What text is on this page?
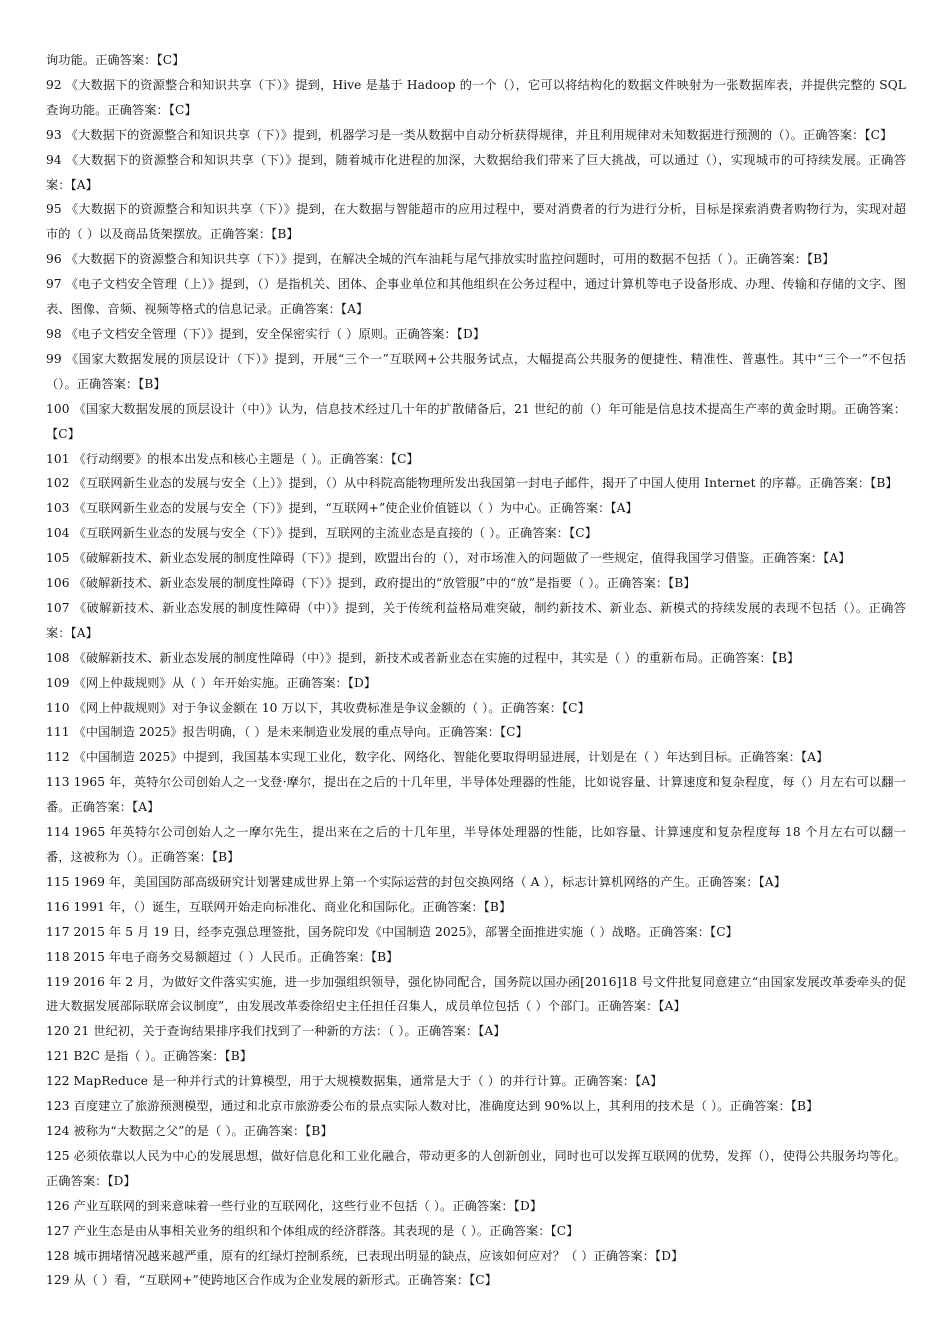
询功能。正确答案：【C】
92 《大数据下的资源整合和知识共享（下）》提到，Hive 是基于 Hadoop 的一个（），它可以将结构化的数据文件映射为一张数据库表，并提供完整的 SQL 查询功能。正确答案：【C】
93 《大数据下的资源整合和知识共享（下）》提到，机器学习是一类从数据中自动分析获得规律，并且利用规律对未知数据进行预测的（）。正确答案：【C】
94 《大数据下的资源整合和知识共享（下）》提到，随着城市化进程的加深，大数据给我们带来了巨大挑战，可以通过（），实现城市的可持续发展。正确答案：【A】
95 《大数据下的资源整合和知识共享（下）》提到，在大数据与智能超市的应用过程中，要对消费者的行为进行分析，目标是探索消费者购物行为，实现对超市的（ ）以及商品货架摆放。正确答案：【B】
96 《大数据下的资源整合和知识共享（下）》提到，在解决全城的汽车油耗与尾气排放实时监控问题时，可用的数据不包括（ ）。正确答案：【B】
97 《电子文档安全管理（上）》提到，（）是指机关、团体、企事业单位和其他组织在公务过程中，通过计算机等电子设备形成、办理、传输和存储的文字、图表、图像、音频、视频等格式的信息记录。正确答案：【A】
98 《电子文档安全管理（下）》提到，安全保密实行（ ）原则。正确答案：【D】
99 《国家大数据发展的顶层设计（下）》提到，开展“三个一”互联网+公共服务试点，大幅提高公共服务的便捷性、精准性、普惠性。其中“三个一”不包括（）。正确答案：【B】
100 《国家大数据发展的顶层设计（中）》认为，信息技术经过几十年的扩散储备后，21 世纪的前（）年可能是信息技术提高生产率的黄金时期。正确答案：【C】
101 《行动纲要》的根本出发点和核心主题是（ ）。正确答案：【C】
102 《互联网新生业态的发展与安全（上）》提到，（）从中科院高能物理所发出我国第一封电子邮件，揭开了中国人使用 Internet 的序幕。正确答案：【B】
103 《互联网新生业态的发展与安全（下）》提到，“互联网+”使企业价值链以（ ）为中心。正确答案：【A】
104 《互联网新生业态的发展与安全（下）》提到，互联网的主流业态是直接的（ ）。正确答案：【C】
105 《破解新技术、新业态发展的制度性障碍（下）》提到，欧盟出台的（），对市场准入的问题做了一些规定，值得我国学习借鉴。正确答案：【A】
106 《破解新技术、新业态发展的制度性障碍（下）》提到，政府提出的“放管服”中的“放”是指要（ ）。正确答案：【B】
107 《破解新技术、新业态发展的制度性障碍（中）》提到，关于传统利益格局难突破，制约新技术、新业态、新模式的持续发展的表现不包括（）。正确答案：【A】
108 《破解新技术、新业态发展的制度性障碍（中）》提到，新技术或者新业态在实施的过程中，其实是（ ）的重新布局。正确答案：【B】
109 《网上仲裁规则》从（ ）年开始实施。正确答案：【D】
110 《网上仲裁规则》对于争议金额在 10 万以下，其收费标准是争议金额的（ ）。正确答案：【C】
111 《中国制造 2025》报告明确，（ ）是未来制造业发展的重点导向。正确答案：【C】
112 《中国制造 2025》中提到，我国基本实现工业化，数字化、网络化、智能化要取得明显进展，计划是在（ ）年达到目标。正确答案：【A】
113 1965 年，英特尔公司创始人之一戈登·摩尔，提出在之后的十几年里，半导体处理器的性能，比如说容量、计算速度和复杂程度，每（）月左右可以翻一番。正确答案：【A】
114 1965 年英特尔公司创始人之一摩尔先生，提出来在之后的十几年里，半导体处理器的性能，比如容量、计算速度和复杂程度每 18 个月左右可以翻一番，这被称为（）。正确答案：【B】
115 1969 年，美国国防部高级研究计划署建成世界上第一个实际运营的封包交换网络（ A ），标志计算机网络的产生。正确答案：【A】
116 1991 年，（）诞生，互联网开始走向标准化、商业化和国际化。正确答案：【B】
117 2015 年 5 月 19 日，经李克强总理签批，国务院印发《中国制造 2025》，部署全面推进实施（ ）战略。正确答案：【C】
118 2015 年电子商务交易额超过（ ）人民币。正确答案：【B】
119 2016 年 2 月，为做好文件落实实施，进一步加强组织领导，强化协同配合，国务院以国办函[2016]18 号文件批复同意建立“由国家发展改革委牵头的促进大数据发展部际联席会议制度”，由发展改革委徐绍史主任担任召集人，成员单位包括（ ）个部门。正确答案：【A】
120 21 世纪初，关于查询结果排序我们找到了一种新的方法：（ ）。正确答案：【A】
121 B2C 是指（ ）。正确答案：【B】
122 MapReduce 是一种并行式的计算模型，用于大规模数据集，通常是大于（ ）的并行计算。正确答案：【A】
123 百度建立了旅游预测模型，通过和北京市旅游委公布的景点实际人数对比，准确度达到 90%以上，其利用的技术是（ ）。正确答案：【B】
124 被称为“大数据之父”的是（ ）。正确答案：【B】
125 必须依靠以人民为中心的发展思想，做好信息化和工业化融合，带动更多的人创新创业，同时也可以发挥互联网的优势，发挥（），使得公共服务均等化。正确答案：【D】
126 产业互联网的到来意味着一些行业的互联网化，这些行业不包括（ ）。正确答案：【D】
127 产业生态是由从事相关业务的组织和个体组成的经济群落。其表现的是（ ）。正确答案：【C】
128 城市拥堵情况越来越严重，原有的红绿灯控制系统，已表现出明显的缺点，应该如何应对？（ ）正确答案：【D】
129 从（ ）看，“互联网+”使跨地区合作成为企业发展的新形式。正确答案：【C】
